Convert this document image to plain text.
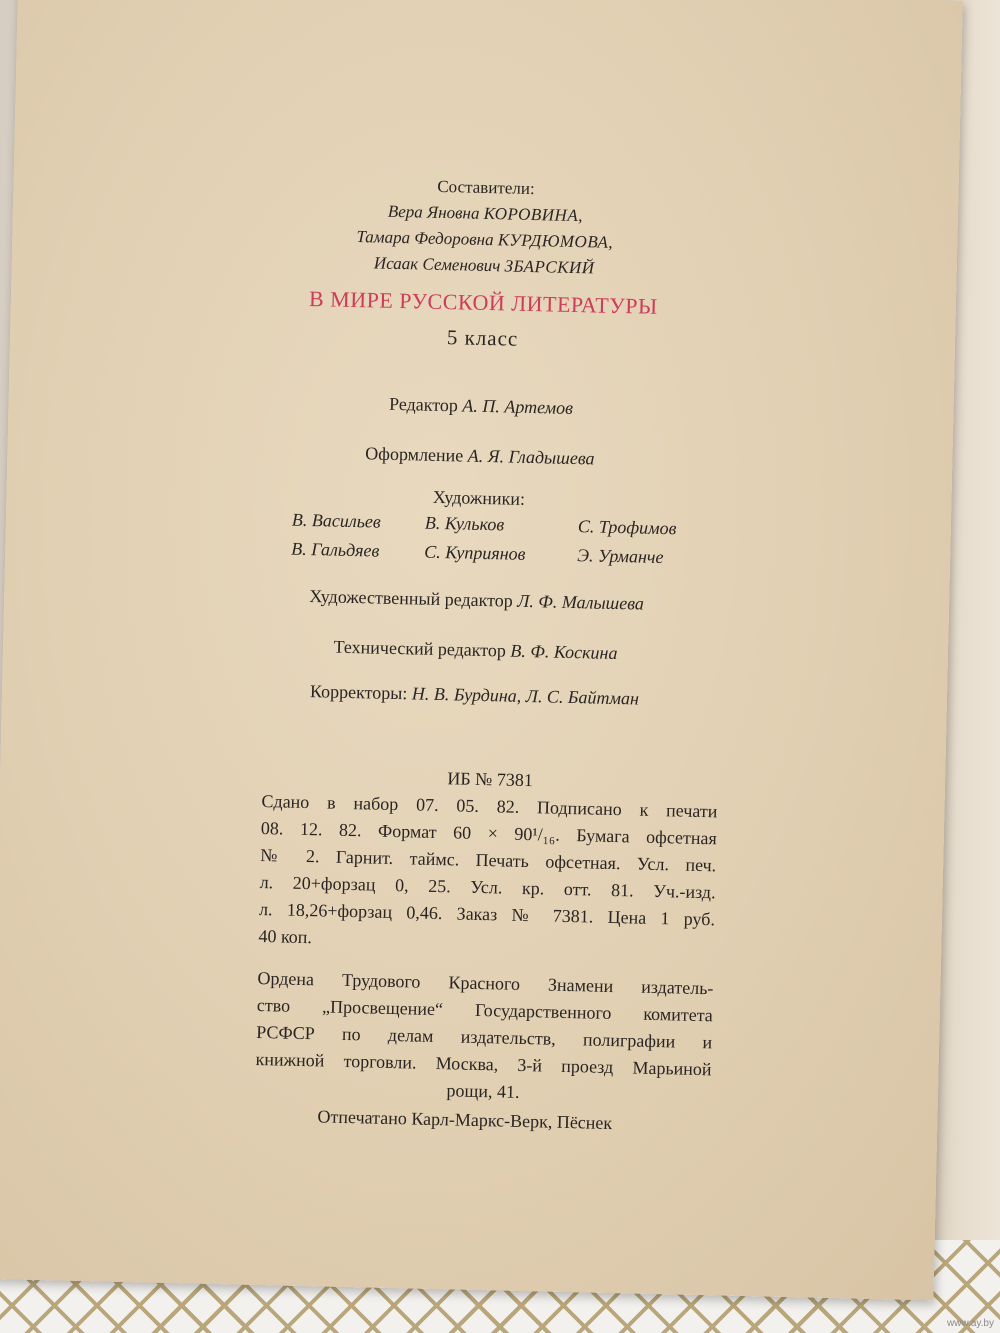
Составители:
Вера Яновна КОРОВИНА,
Тамара Федоровна КУРДЮМОВА,
Исаак Семенович ЗБАРСКИЙ
В МИРЕ РУССКОЙ ЛИТЕРАТУРЫ
5 класс
Редактор А. П. Артемов
Оформление А. Я. Гладышева
Художники:
В. Васильев	В. Кульков	С. Трофимов
В. Гальдяев	С. Куприянов	Э. Урманче
Художественный редактор Л. Ф. Малышева
Технический редактор В. Ф. Коскина
Корректоры: Н. В. Бурдина, Л. С. Байтман
ИБ № 7381
Сдано в набор 07. 05. 82. Подписано к печати
08. 12. 82. Формат 60 × 90¹/₁₆. Бумага офсетная
№ 2. Гарнит. таймс. Печать офсетная. Усл. печ.
л. 20+форзац 0, 25. Усл. кр. отт. 81. Уч.-изд.
л. 18,26+форзац 0,46. Заказ № 7381. Цена 1 руб.
40 коп.
Ордена Трудового Красного Знамени издатель-
ство „Просвещение“ Государственного комитета
РСФСР по делам издательств, полиграфии и
книжной торговли. Москва, 3-й проезд Марьиной
рощи, 41.
Отпечатано Карл-Маркс-Верк, Пёснек
www.ay.by
